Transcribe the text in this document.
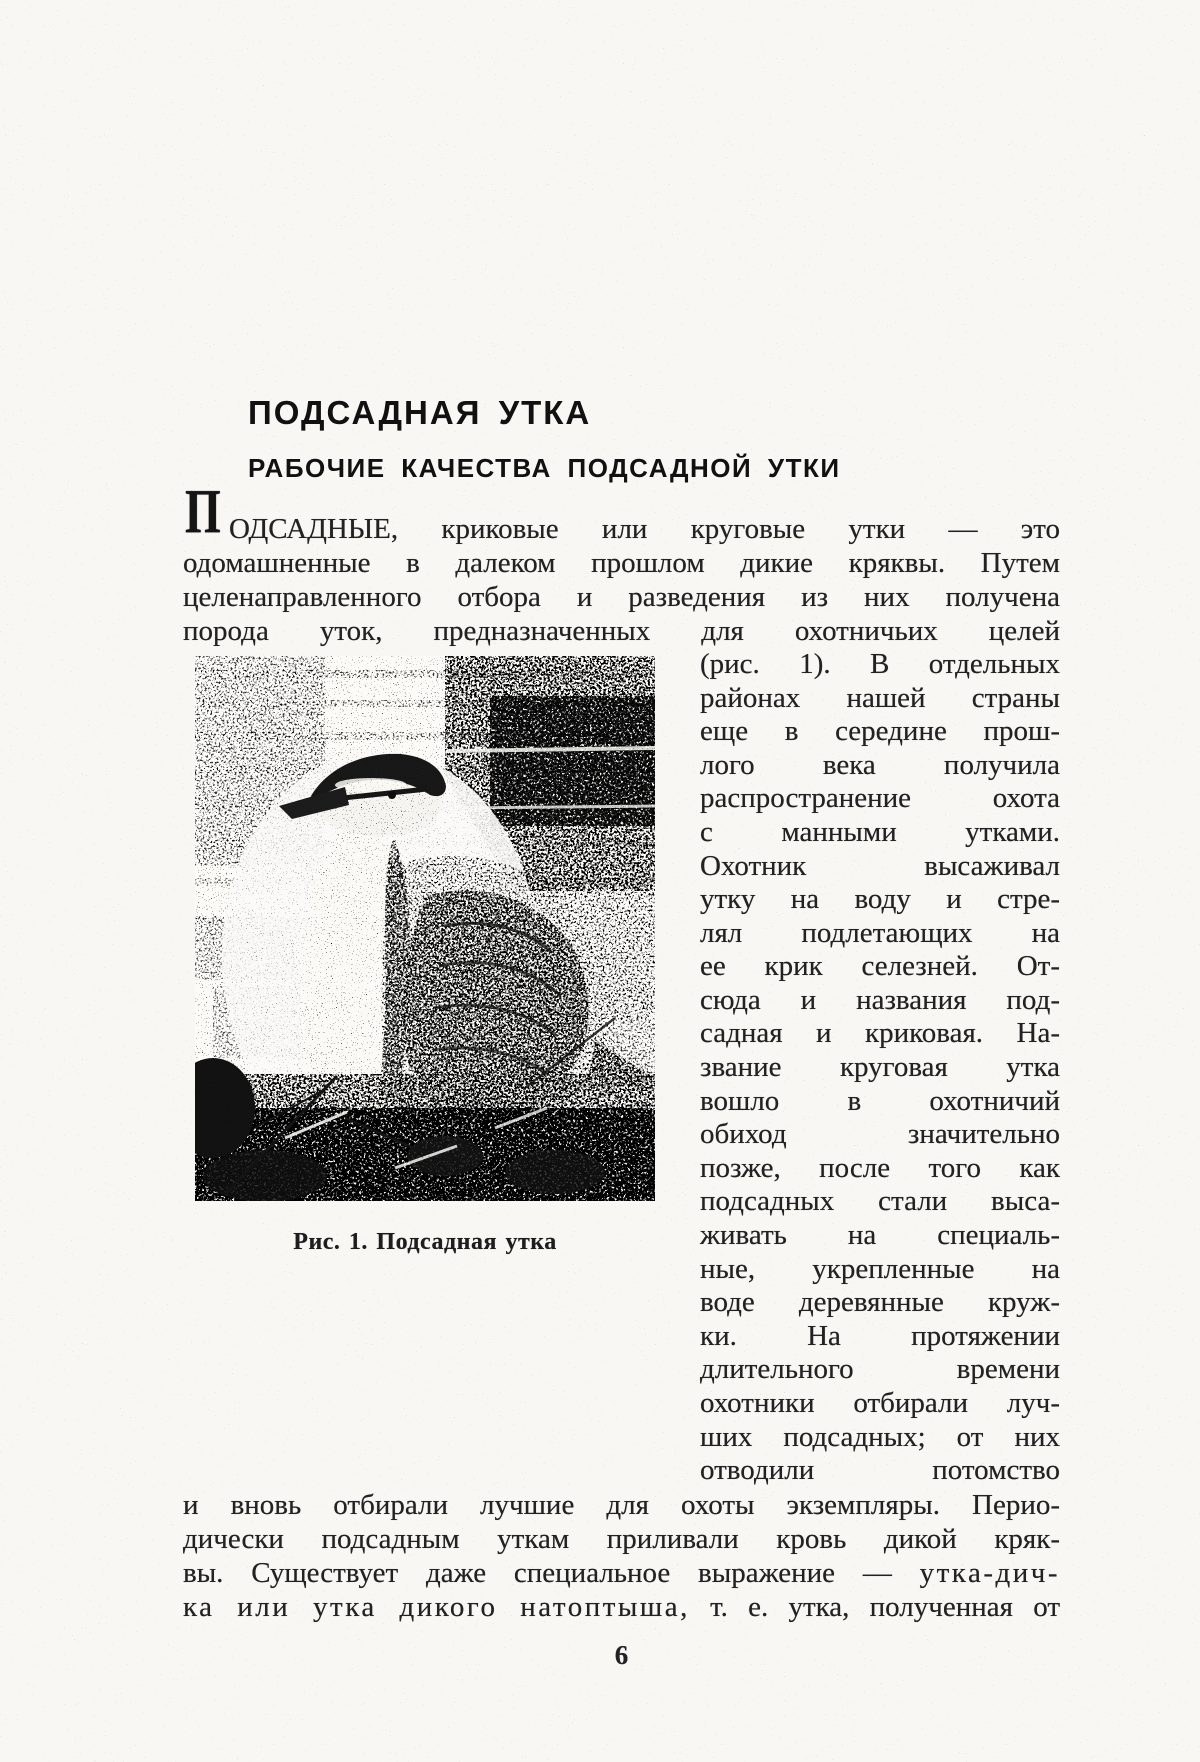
ПОДСАДНАЯ УТКА
РАБОЧИЕ КАЧЕСТВА ПОДСАДНОЙ УТКИ
П ОДСАДНЫЕ, криковые или круговые утки — это
одомашненные в далеком прошлом дикие кряквы. Путем
целенаправленного отбора и разведения из них получена
порода уток, предназначенных для охотничьих целей
Рис. 1. Подсадная утка
(рис. 1). В отдельных
районах нашей страны
еще в середине прош-
лого века получила
распространение охота
с манными утками.
Охотник высаживал
утку на воду и стре-
лял подлетающих на
ее крик селезней. От-
сюда и названия под-
садная и криковая. На-
звание круговая утка
вошло в охотничий
обиход значительно
позже, после того как
подсадных стали выса-
живать на специаль-
ные, укрепленные на
воде деревянные круж-
ки. На протяжении
длительного времени
охотники отбирали луч-
ших подсадных; от них
отводили потомство
и вновь отбирали лучшие для охоты экземпляры. Перио-
дически подсадным уткам приливали кровь дикой кряк-
вы. Существует даже специальное выражение — утка-дич-
ка или утка дикого натоптыша, т. е. утка, полученная от
6
